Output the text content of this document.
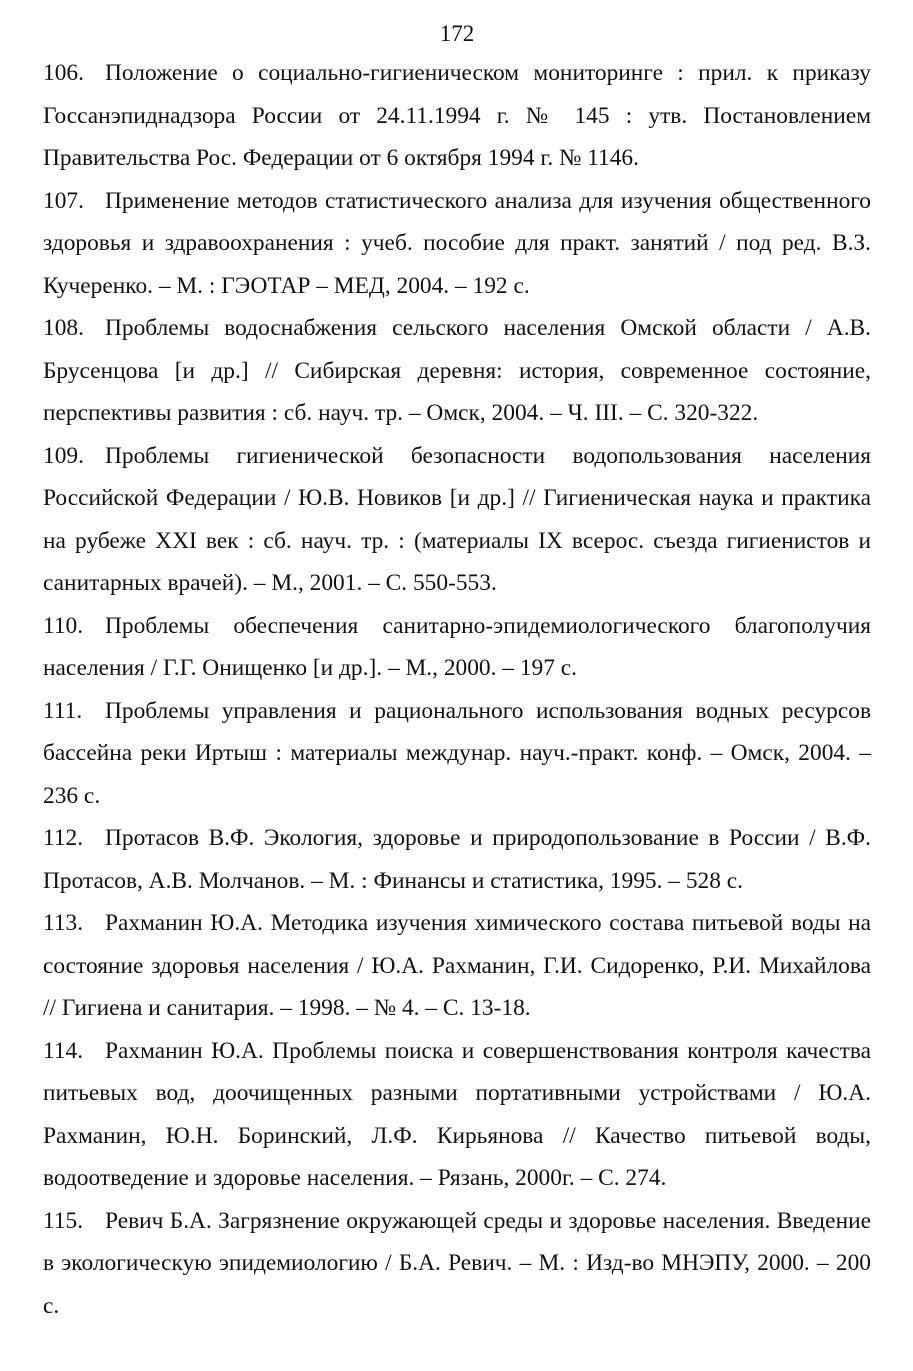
172

106. Положение о социально-гигиеническом мониторинге : прил. к приказу Госсанэпиднадзора России от 24.11.1994 г. № 145 : утв. Постановлением Правительства Рос. Федерации от 6 октября 1994 г. № 1146.

107. Применение методов статистического анализа для изучения общественного здоровья и здравоохранения : учеб. пособие для практ. занятий / под ред. В.З. Кучеренко. – М. : ГЭОТАР – МЕД, 2004. – 192 с.

108. Проблемы водоснабжения сельского населения Омской области / А.В. Брусенцова [и др.] // Сибирская деревня: история, современное состояние, перспективы развития : сб. науч. тр. – Омск, 2004. – Ч. III. – С. 320-322.

109. Проблемы гигиенической безопасности водопользования населения Российской Федерации / Ю.В. Новиков [и др.] // Гигиеническая наука и практика на рубеже XXI век : сб. науч. тр. : (материалы IX всерос. съезда гигиенистов и санитарных врачей). – М., 2001. – С. 550-553.

110. Проблемы обеспечения санитарно-эпидемиологического благополучия населения / Г.Г. Онищенко [и др.]. – М., 2000. – 197 с.

111. Проблемы управления и рационального использования водных ресурсов бассейна реки Иртыш : материалы междунар. науч.-практ. конф. – Омск, 2004. – 236 с.

112. Протасов В.Ф. Экология, здоровье и природопользование в России / В.Ф. Протасов, А.В. Молчанов. – М. : Финансы и статистика, 1995. – 528 с.

113. Рахманин Ю.А. Методика изучения химического состава питьевой воды на состояние здоровья населения / Ю.А. Рахманин, Г.И. Сидоренко, Р.И. Михайлова // Гигиена и санитария. – 1998. – № 4. – С. 13-18.

114. Рахманин Ю.А. Проблемы поиска и совершенствования контроля качества питьевых вод, доочищенных разными портативными устройствами / Ю.А. Рахманин, Ю.Н. Боринский, Л.Ф. Кирьянова // Качество питьевой воды, водоотведение и здоровье населения. – Рязань, 2000г. – С. 274.

115. Ревич Б.А. Загрязнение окружающей среды и здоровье населения. Введение в экологическую эпидемиологию / Б.А. Ревич. – М. : Изд-во МНЭПУ, 2000. – 200 с.
